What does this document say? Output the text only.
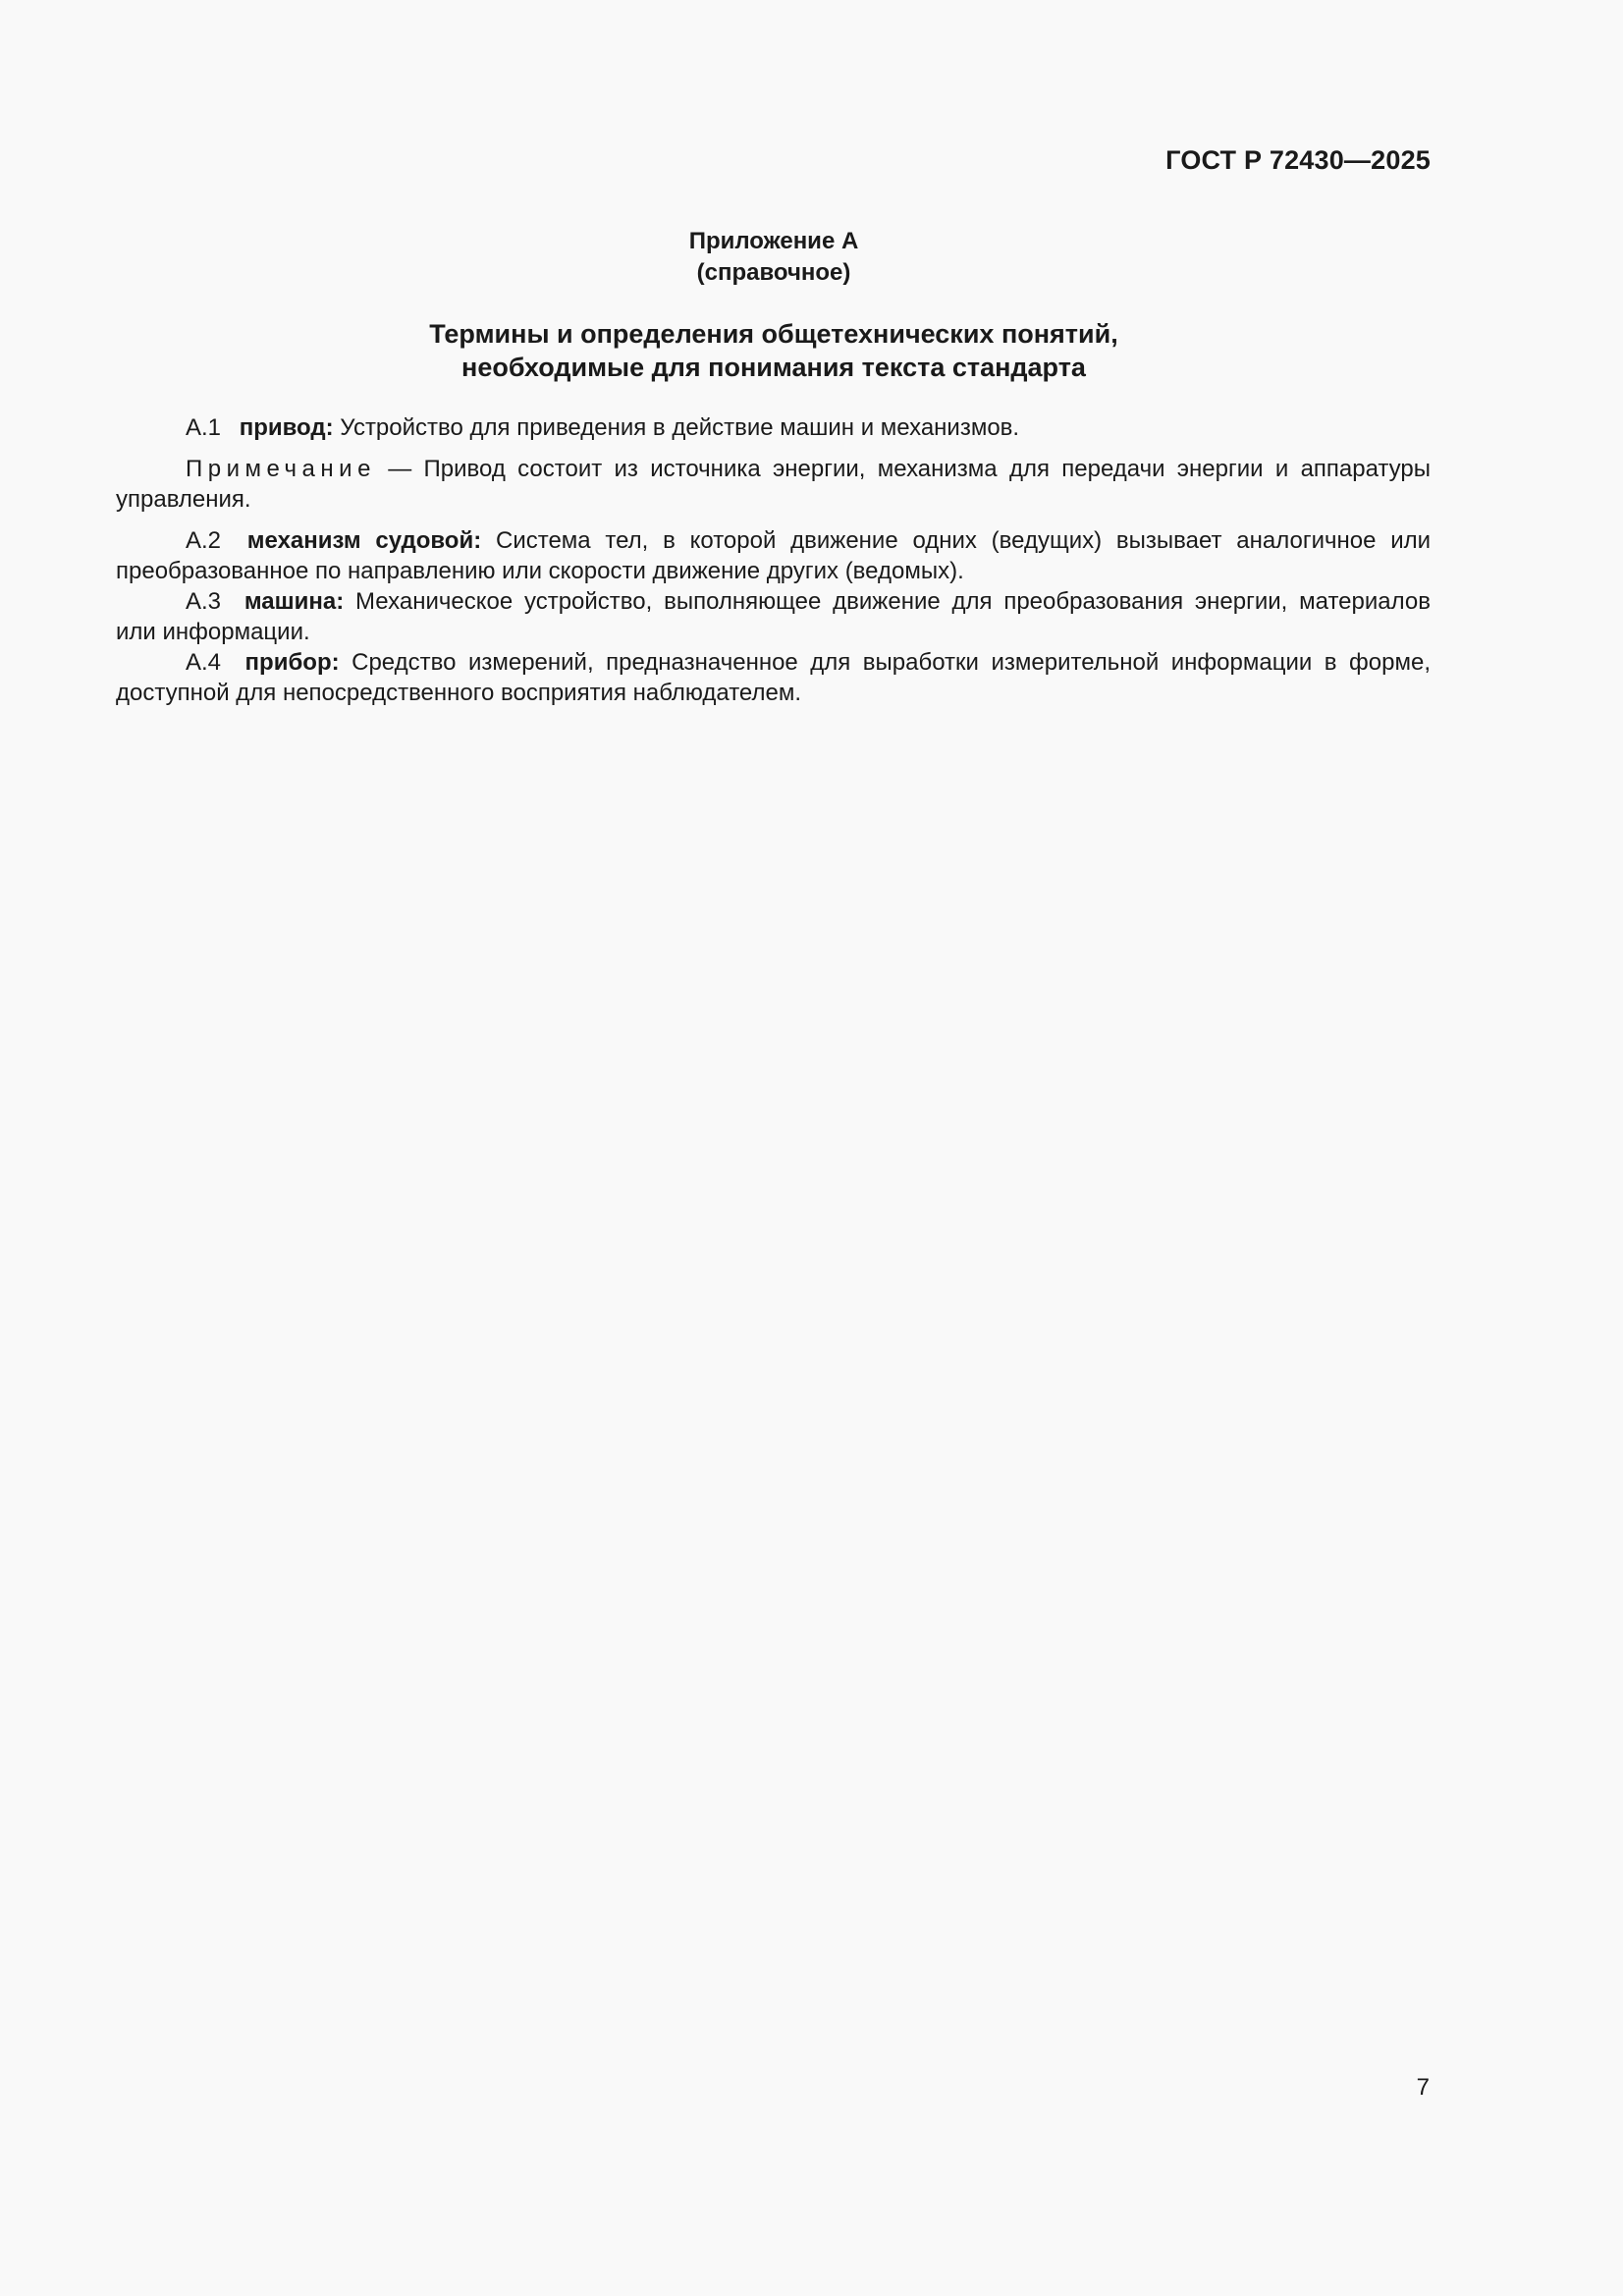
ГОСТ Р 72430—2025
Приложение А
(справочное)
Термины и определения общетехнических понятий,
необходимые для понимания текста стандарта

А.1 привод: Устройство для приведения в действие машин и механизмов.

Примечание — Привод состоит из источника энергии, механизма для передачи энергии и аппаратуры управления.

А.2 механизм судовой: Система тел, в которой движение одних (ведущих) вызывает аналогичное или преобразованное по направлению или скорости движение других (ведомых).

А.3 машина: Механическое устройство, выполняющее движение для преобразования энергии, материалов или информации.

А.4 прибор: Средство измерений, предназначенное для выработки измерительной информации в форме, доступной для непосредственного восприятия наблюдателем.

7
